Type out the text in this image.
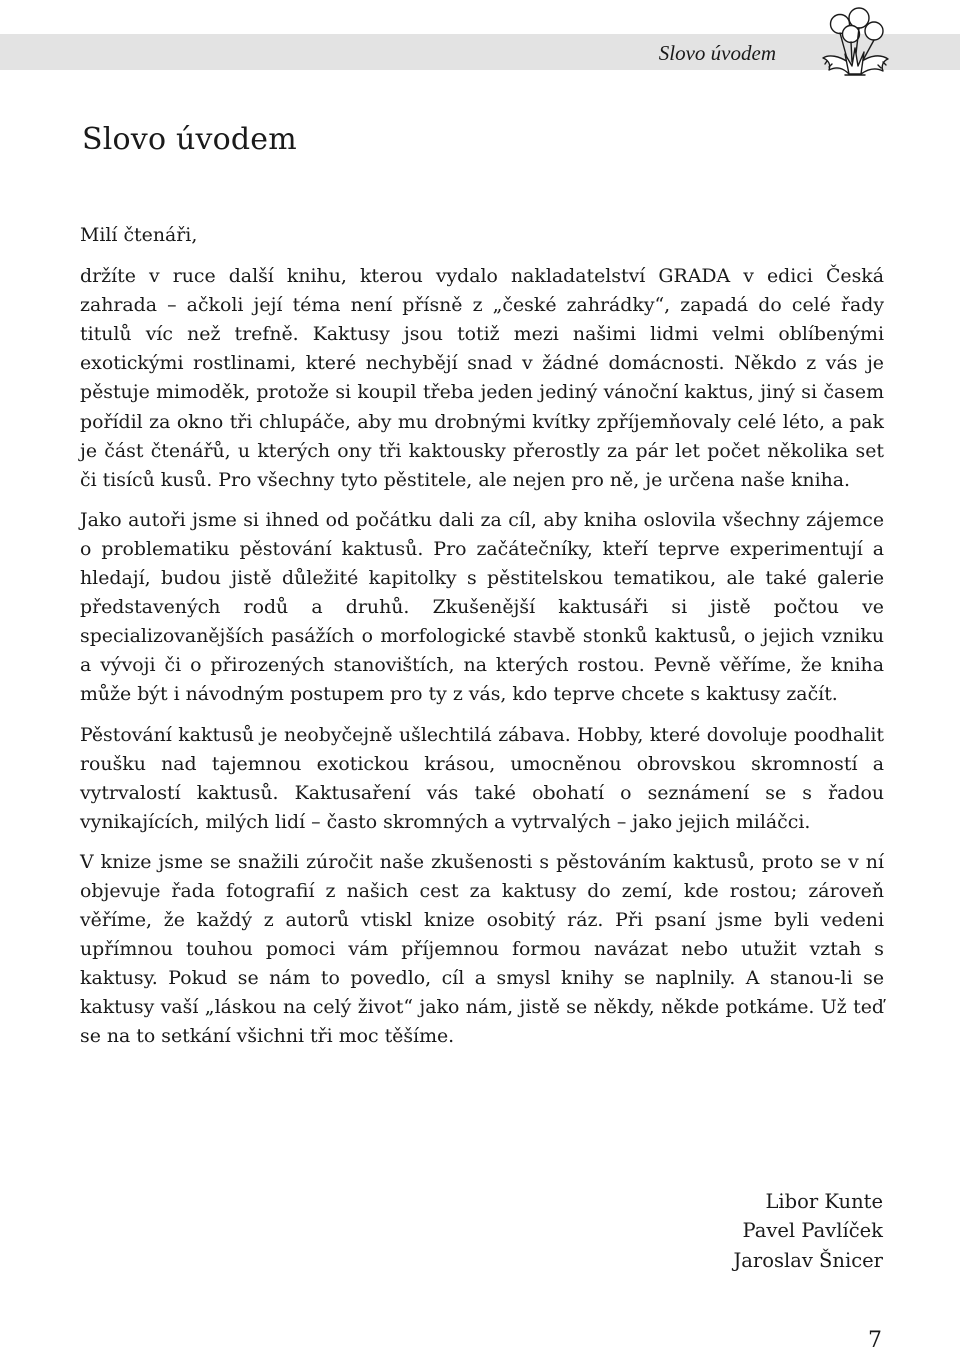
Slovo úvodem
Slovo úvodem

Milí čtenáři,

držíte v ruce další knihu, kterou vydalo nakladatelství GRADA v edici Česká zahrada – ačkoli její téma není přísně z „české zahrádky“, zapadá do celé řady titulů víc než trefně. Kaktusy jsou totiž mezi našimi lidmi velmi oblíbenými exotickými rostlinami, které nechybějí snad v žádné domácnosti. Někdo z vás je pěstuje mimoděk, protože si koupil třeba jeden jediný vánoční kaktus, jiný si časem pořídil za okno tři chlupáče, aby mu drobnými kvítky zpříjemňovaly celé léto, a pak je část čtenářů, u kterých ony tři kaktousky přerostly za pár let počet několika set či tisíců kusů. Pro všechny tyto pěstitele, ale nejen pro ně, je určena naše kniha.

Jako autoři jsme si ihned od počátku dali za cíl, aby kniha oslovila všechny zájemce o problematiku pěstování kaktusů. Pro začátečníky, kteří teprve experimentují a hledají, budou jistě důležité kapitolky s pěstitelskou tematikou, ale také galerie představených rodů a druhů. Zkušenější kaktusáři si jistě počtou ve specializovanějších pasážích o morfologické stavbě stonků kaktusů, o jejich vzniku a vývoji či o přirozených stanovištích, na kterých rostou. Pevně věříme, že kniha může být i návodným postupem pro ty z vás, kdo teprve chcete s kaktusy začít.

Pěstování kaktusů je neobyčejně ušlechtilá zábava. Hobby, které dovoluje poodhalit roušku nad tajemnou exotickou krásou, umocněnou obrovskou skromností a vytrvalostí kaktusů. Kaktusaření vás také obohatí o seznámení se s řadou vynikajících, milých lidí – často skromných a vytrvalých – jako jejich miláčci.

V knize jsme se snažili zúročit naše zkušenosti s pěstováním kaktusů, proto se v ní objevuje řada fotografií z našich cest za kaktusy do zemí, kde rostou; zároveň věříme, že každý z autorů vtiskl knize osobitý ráz. Při psaní jsme byli vedeni upřímnou touhou pomoci vám příjemnou formou navázat nebo utužit vztah s kaktusy. Pokud se nám to povedlo, cíl a smysl knihy se naplnily. A stanou-li se kaktusy vaší „láskou na celý život“ jako nám, jistě se někdy, někde potkáme. Už teď se na to setkání všichni tři moc těšíme.

Libor Kunte
Pavel Pavlíček
Jaroslav Šnicer
7
